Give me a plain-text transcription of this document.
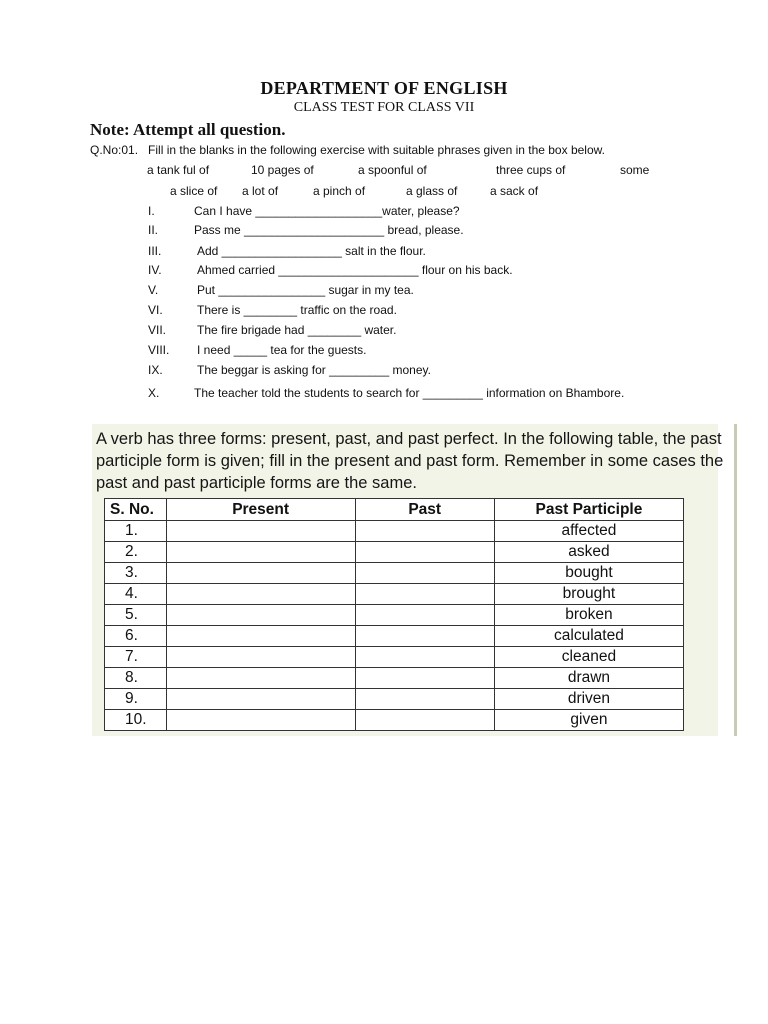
DEPARTMENT OF ENGLISH
CLASS TEST FOR CLASS VII
Note: Attempt all question.
Q.No:01. Fill in the blanks in the following exercise with suitable phrases given in the box below.
a tank ful of	10 pages of	a spoonful of	three cups of	some
a slice of a lot of	a pinch of	a glass of	a sack of
I.	Can I have ___________________water, please?
II.	Pass me _____________________ bread, please.
III.	Add __________________ salt in the flour.
IV.	Ahmed carried _____________________ flour on his back.
V.	Put ________________ sugar in my tea.
VI.	There is ________ traffic on the road.
VII.	The fire brigade had ________ water.
VIII. I need _____ tea for the guests.
IX.	The beggar is asking for _________ money.
X.	The teacher told the students to search for _________ information on Bhambore.
A verb has three forms: present, past, and past perfect. In the following table, the past participle form is given; fill in the present and past form. Remember in some cases the past and past participle forms are the same.
S. No.	Present	Past	Past Participle
1.			affected
2.			asked
3.			bought
4.			brought
5.			broken
6.			calculated
7.			cleaned
8.			drawn
9.			driven
10.			given
